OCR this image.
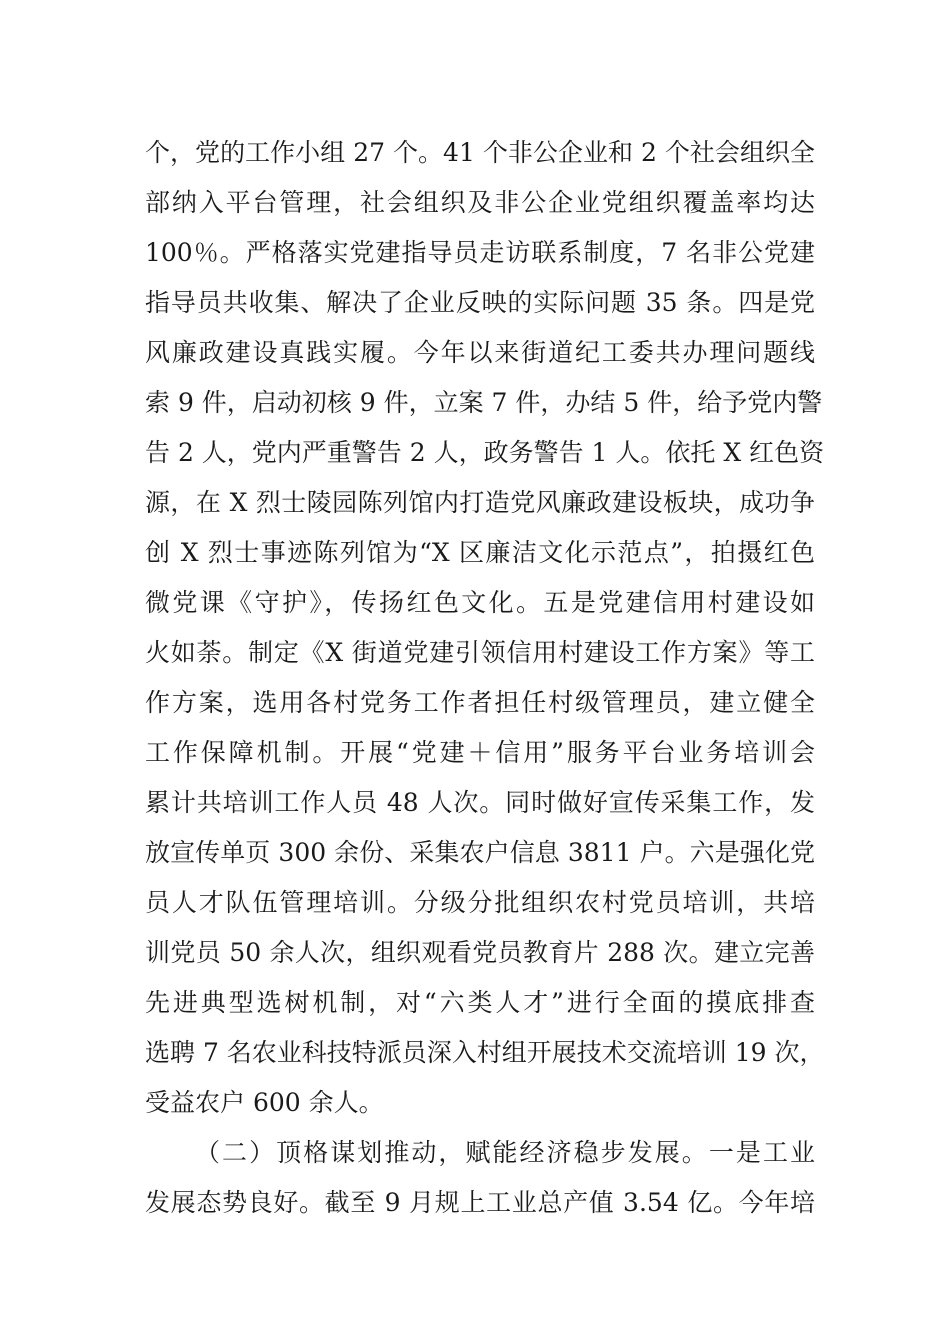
个，党的工作小组 27 个。41 个非公企业和 2 个社会组织全
部纳入平台管理，社会组织及非公企业党组织覆盖率均达
100％。严格落实党建指导员走访联系制度，7 名非公党建
指导员共收集、解决了企业反映的实际问题 35 条。四是党
风廉政建设真践实履。今年以来街道纪工委共办理问题线
索 9 件，启动初核 9 件，立案 7 件，办结 5 件，给予党内警
告 2 人，党内严重警告 2 人，政务警告 1 人。依托 X 红色资
源，在 X 烈士陵园陈列馆内打造党风廉政建设板块，成功争
创 X 烈士事迹陈列馆为“X 区廉洁文化示范点”，拍摄红色
微党课《守护》，传扬红色文化。五是党建信用村建设如
火如荼。制定《X 街道党建引领信用村建设工作方案》等工
作方案，选用各村党务工作者担任村级管理员，建立健全
工作保障机制。开展“党建＋信用”服务平台业务培训会
累计共培训工作人员 48 人次。同时做好宣传采集工作，发
放宣传单页 300 余份、采集农户信息 3811 户。六是强化党
员人才队伍管理培训。分级分批组织农村党员培训，共培
训党员 50 余人次，组织观看党员教育片 288 次。建立完善
先进典型选树机制，对“六类人才”进行全面的摸底排查
选聘 7 名农业科技特派员深入村组开展技术交流培训 19 次，
受益农户 600 余人。
（二）顶格谋划推动，赋能经济稳步发展。一是工业
发展态势良好。截至 9 月规上工业总产值 3.54 亿。今年培
